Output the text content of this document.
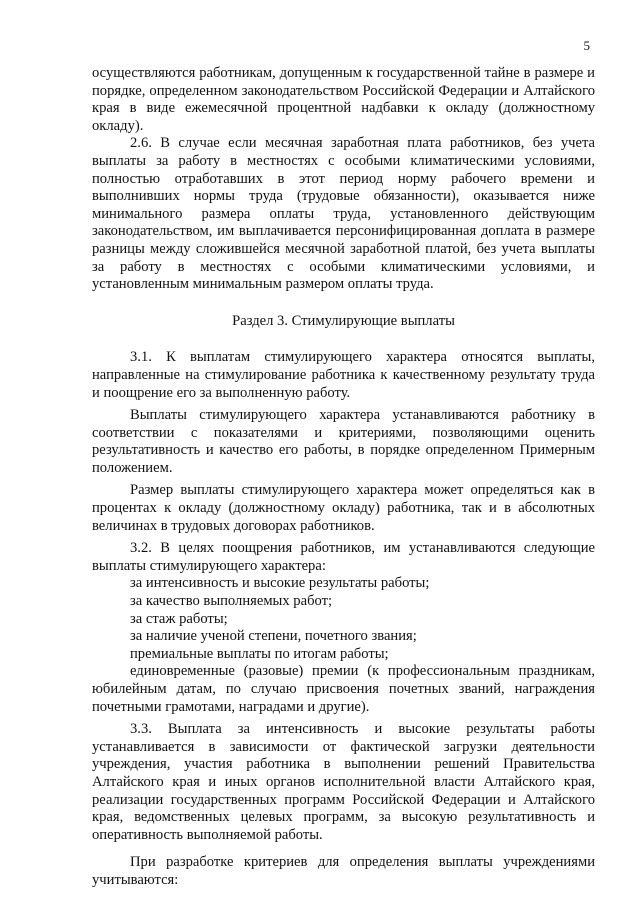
5

осуществляются работникам, допущенным к государственной тайне в размере и порядке, определенном законодательством Российской Федерации и Алтайского края в виде ежемесячной процентной надбавки к окладу (должностному окладу).

2.6. В случае если месячная заработная плата работников, без учета выплаты за работу в местностях с особыми климатическими условиями, полностью отработавших в этот период норму рабочего времени и выполнивших нормы труда (трудовые обязанности), оказывается ниже минимального размера оплаты труда, установленного действующим законодательством, им выплачивается персонифицированная доплата в размере разницы между сложившейся месячной заработной платой, без учета выплаты за работу в местностях с особыми климатическими условиями, и установленным минимальным размером оплаты труда.

Раздел 3. Стимулирующие выплаты

3.1. К выплатам стимулирующего характера относятся выплаты, направленные на стимулирование работника к качественному результату труда и поощрение его за выполненную работу.

Выплаты стимулирующего характера устанавливаются работнику в соответствии с показателями и критериями, позволяющими оценить результативность и качество его работы, в порядке определенном Примерным положением.

Размер выплаты стимулирующего характера может определяться как в процентах к окладу (должностному окладу) работника, так и в абсолютных величинах в трудовых договорах работников.

3.2. В целях поощрения работников, им устанавливаются следующие выплаты стимулирующего характера:

за интенсивность и высокие результаты работы;

за качество выполняемых работ;

за стаж работы;

за наличие ученой степени, почетного звания;

премиальные выплаты по итогам работы;

единовременные (разовые) премии (к профессиональным праздникам, юбилейным датам, по случаю присвоения почетных званий, награждения почетными грамотами, наградами и другие).

3.3. Выплата за интенсивность и высокие результаты работы устанавливается в зависимости от фактической загрузки деятельности учреждения, участия работника в выполнении решений Правительства Алтайского края и иных органов исполнительной власти Алтайского края, реализации государственных программ Российской Федерации и Алтайского края, ведомственных целевых программ, за высокую результативность и оперативность выполняемой работы.

При разработке критериев для определения выплаты учреждениями учитываются:
